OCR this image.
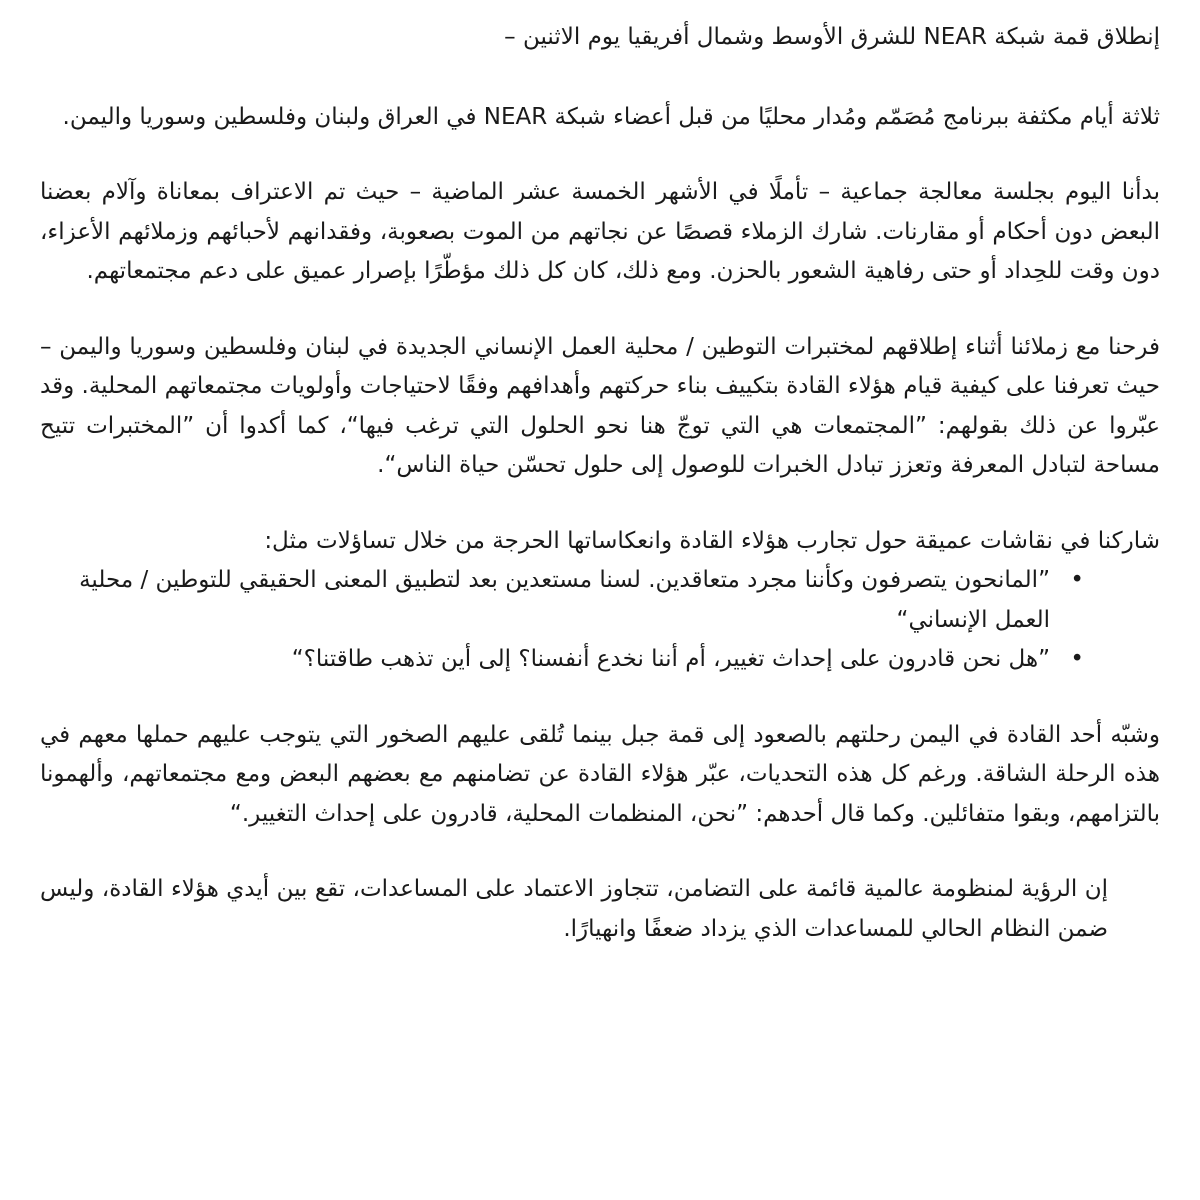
إنطلاق قمة شبكة NEAR للشرق الأوسط وشمال أفريقيا يوم الاثنين –

ثلاثة أيام مكثفة ببرنامج مُصَمّم ومُدار محليًا من قبل أعضاء شبكة NEAR في العراق ولبنان وفلسطين وسوريا واليمن.

بدأنا اليوم بجلسة معالجة جماعية – تأملًا في الأشهر الخمسة عشر الماضية – حيث تم الاعتراف بمعاناة وآلام بعضنا البعض دون أحكام أو مقارنات. شارك الزملاء قصصًا عن نجاتهم من الموت بصعوبة، وفقدانهم لأحبائهم وزملائهم الأعزاء، دون وقت للحِداد أو حتى رفاهية الشعور بالحزن. ومع ذلك، كان كل ذلك مؤطّرًا بإصرار عميق على دعم مجتمعاتهم.

فرحنا مع زملائنا أثناء إطلاقهم لمختبرات التوطين / محلية العمل الإنساني الجديدة في لبنان وفلسطين وسوريا واليمن – حيث تعرفنا على كيفية قيام هؤلاء القادة بتكييف بناء حركتهم وأهدافهم وفقًا لاحتياجات وأولويات مجتمعاتهم المحلية. وقد عبّروا عن ذلك بقولهم: ”المجتمعات هي التي توجّ هنا نحو الحلول التي ترغب فيها“، كما أكدوا أن ”المختبرات تتيح مساحة لتبادل المعرفة وتعزز تبادل الخبرات للوصول إلى حلول تحسّن حياة الناس“.

شاركنا في نقاشات عميقة حول تجارب هؤلاء القادة وانعكاساتها الحرجة من خلال تساؤلات مثل:
•
”المانحون يتصرفون وكأننا مجرد متعاقدين. لسنا مستعدين بعد لتطبيق المعنى الحقيقي للتوطين / محلية العمل الإنساني“
•
”هل نحن قادرون على إحداث تغيير، أم أننا نخدع أنفسنا؟ إلى أين تذهب طاقتنا؟“

وشبّه أحد القادة في اليمن رحلتهم بالصعود إلى قمة جبل بينما تُلقى عليهم الصخور التي يتوجب عليهم حملها معهم في هذه الرحلة الشاقة. ورغم كل هذه التحديات، عبّر هؤلاء القادة عن تضامنهم مع بعضهم البعض ومع مجتمعاتهم، وألهمونا بالتزامهم، وبقوا متفائلين. وكما قال أحدهم: ”نحن، المنظمات المحلية، قادرون على إحداث التغيير.“

إن الرؤية لمنظومة عالمية قائمة على التضامن، تتجاوز الاعتماد على المساعدات، تقع بين أيدي هؤلاء القادة، وليس ضمن النظام الحالي للمساعدات الذي يزداد ضعفًا وانهيارًا.
